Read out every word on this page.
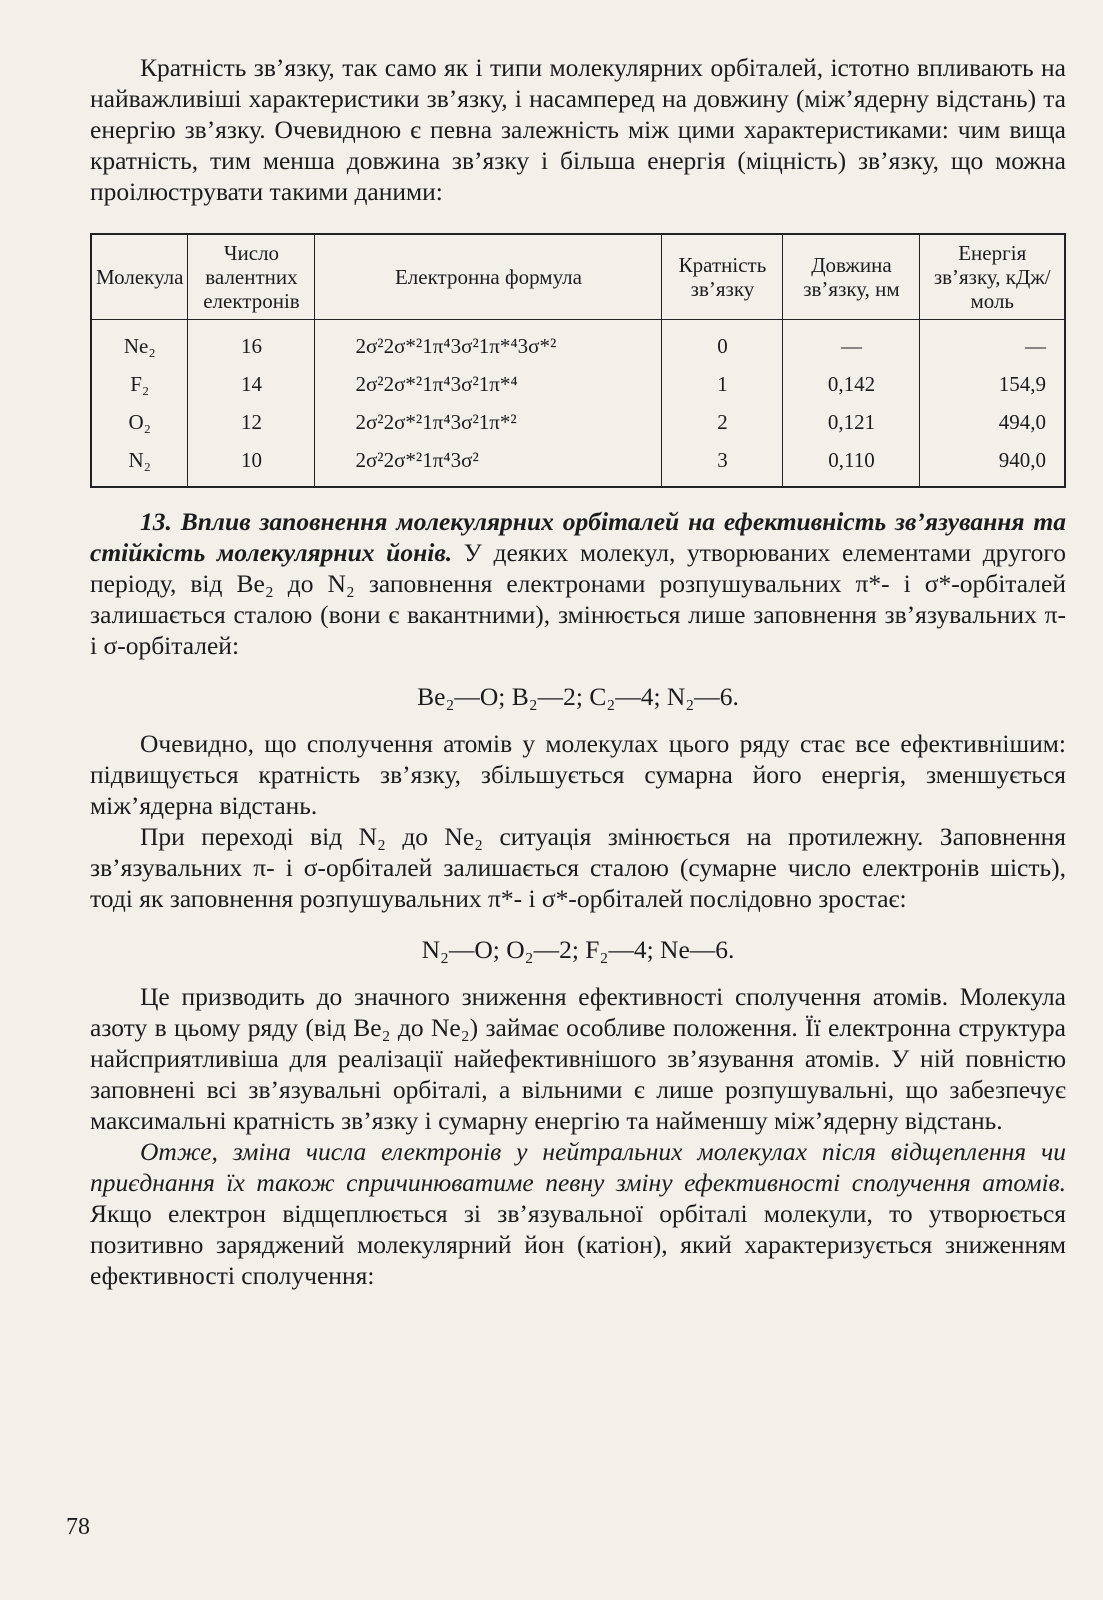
Кратність зв’язку, так само як і типи молекулярних орбіталей, істотно впливають на найважливіші характеристики зв’язку, і насамперед на довжину (між’ядерну відстань) та енергію зв’язку. Очевидною є певна залежність між цими характеристиками: чим вища кратність, тим менша довжина зв’язку і більша енергія (міцність) зв’язку, що можна проілюструвати такими даними:

Молекула	Число валентних електронів	Електронна формула	Кратність зв’язку	Довжина зв’язку, нм	Енергія зв’язку, кДж/моль
Ne₂	16	2σ²2σ*²1π⁴3σ²1π*⁴3σ*²	0	—	—
F₂	14	2σ²2σ*²1π⁴3σ²1π*⁴	1	0,142	154,9
O₂	12	2σ²2σ*²1π⁴3σ²1π*²	2	0,121	494,0
N₂	10	2σ²2σ*²1π⁴3σ²	3	0,110	940,0

13. Вплив заповнення молекулярних орбіталей на ефективність зв’язування та стійкість молекулярних йонів. У деяких молекул, утворюваних елементами другого періоду, від Be₂ до N₂ заповнення електронами розпушувальних π*- і σ*-орбіталей залишається сталою (вони є вакантними), змінюється лише заповнення зв’язувальних π- і σ-орбіталей:

Be₂—O; B₂—2; C₂—4; N₂—6.

Очевидно, що сполучення атомів у молекулах цього ряду стає все ефективнішим: підвищується кратність зв’язку, збільшується сумарна його енергія, зменшується між’ядерна відстань.

При переході від N₂ до Ne₂ ситуація змінюється на протилежну. Заповнення зв’язувальних π- і σ-орбіталей залишається сталою (сумарне число електронів шість), тоді як заповнення розпушувальних π*- і σ*-орбіталей послідовно зростає:

N₂—O; O₂—2; F₂—4; Ne—6.

Це призводить до значного зниження ефективності сполучення атомів. Молекула азоту в цьому ряду (від Be₂ до Ne₂) займає особливе положення. Її електронна структура найсприятливіша для реалізації найефективнішого зв’язування атомів. У ній повністю заповнені всі зв’язувальні орбіталі, а вільними є лише розпушувальні, що забезпечує максимальні кратність зв’язку і сумарну енергію та найменшу між’ядерну відстань.

Отже, зміна числа електронів у нейтральних молекулах після відщеплення чи приєднання їх також спричинюватиме певну зміну ефективності сполучення атомів. Якщо електрон відщеплюється зі зв’язувальної орбіталі молекули, то утворюється позитивно заряджений молекулярний йон (катіон), який характеризується зниженням ефективності сполучення:

78
